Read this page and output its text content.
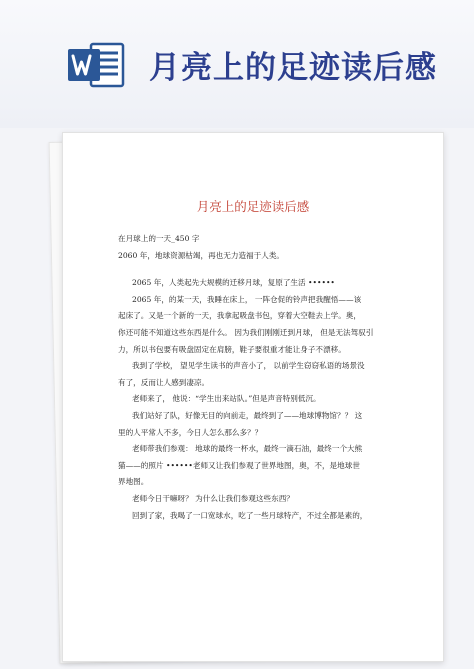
月亮上的足迹读后感
月亮上的足迹读后感

在月球上的一天_450 字

2060 年，地球资源枯竭，再也无力造福于人类。

2065 年，人类起先大规模的迁移月球，复原了生活 ••••••

2065 年，的某一天，我睡在床上， 一阵仓促的铃声把我醒悟——该

起床了。又是一个新的一天，我拿起吸盘书包，穿着大空鞋去上学。奥，

你还可能不知道这些东西是什么。 因为我们刚刚迁到月球， 但是无法驾驭引

力，所以书包要有吸盘固定在肩膀，鞋子要很重才能让身子不漂移。

我到了学校， 望见学生读书的声音小了， 以前学生窃窃私语的场景没

有了，反而让人感到凄凉。

老师来了， 他说：“学生出来站队。”但是声音特别低沉。

我们站好了队，好像无目的向前走，最终到了——地球博物馆？？ 这

里的人平常人不多，今日人怎么那么多？？

老师带我们参观： 地球的最终一杯水，最终一滴石油，最终一个大熊

猫——的照片 ••••••老师又让我们参观了世界地图，奥，不，是地球世

界地图。

老师今日干嘛呀？ 为什么让我们参观这些东西？

回到了家，我喝了一口宽球水，吃了一些月球特产，不过全都是素的，
